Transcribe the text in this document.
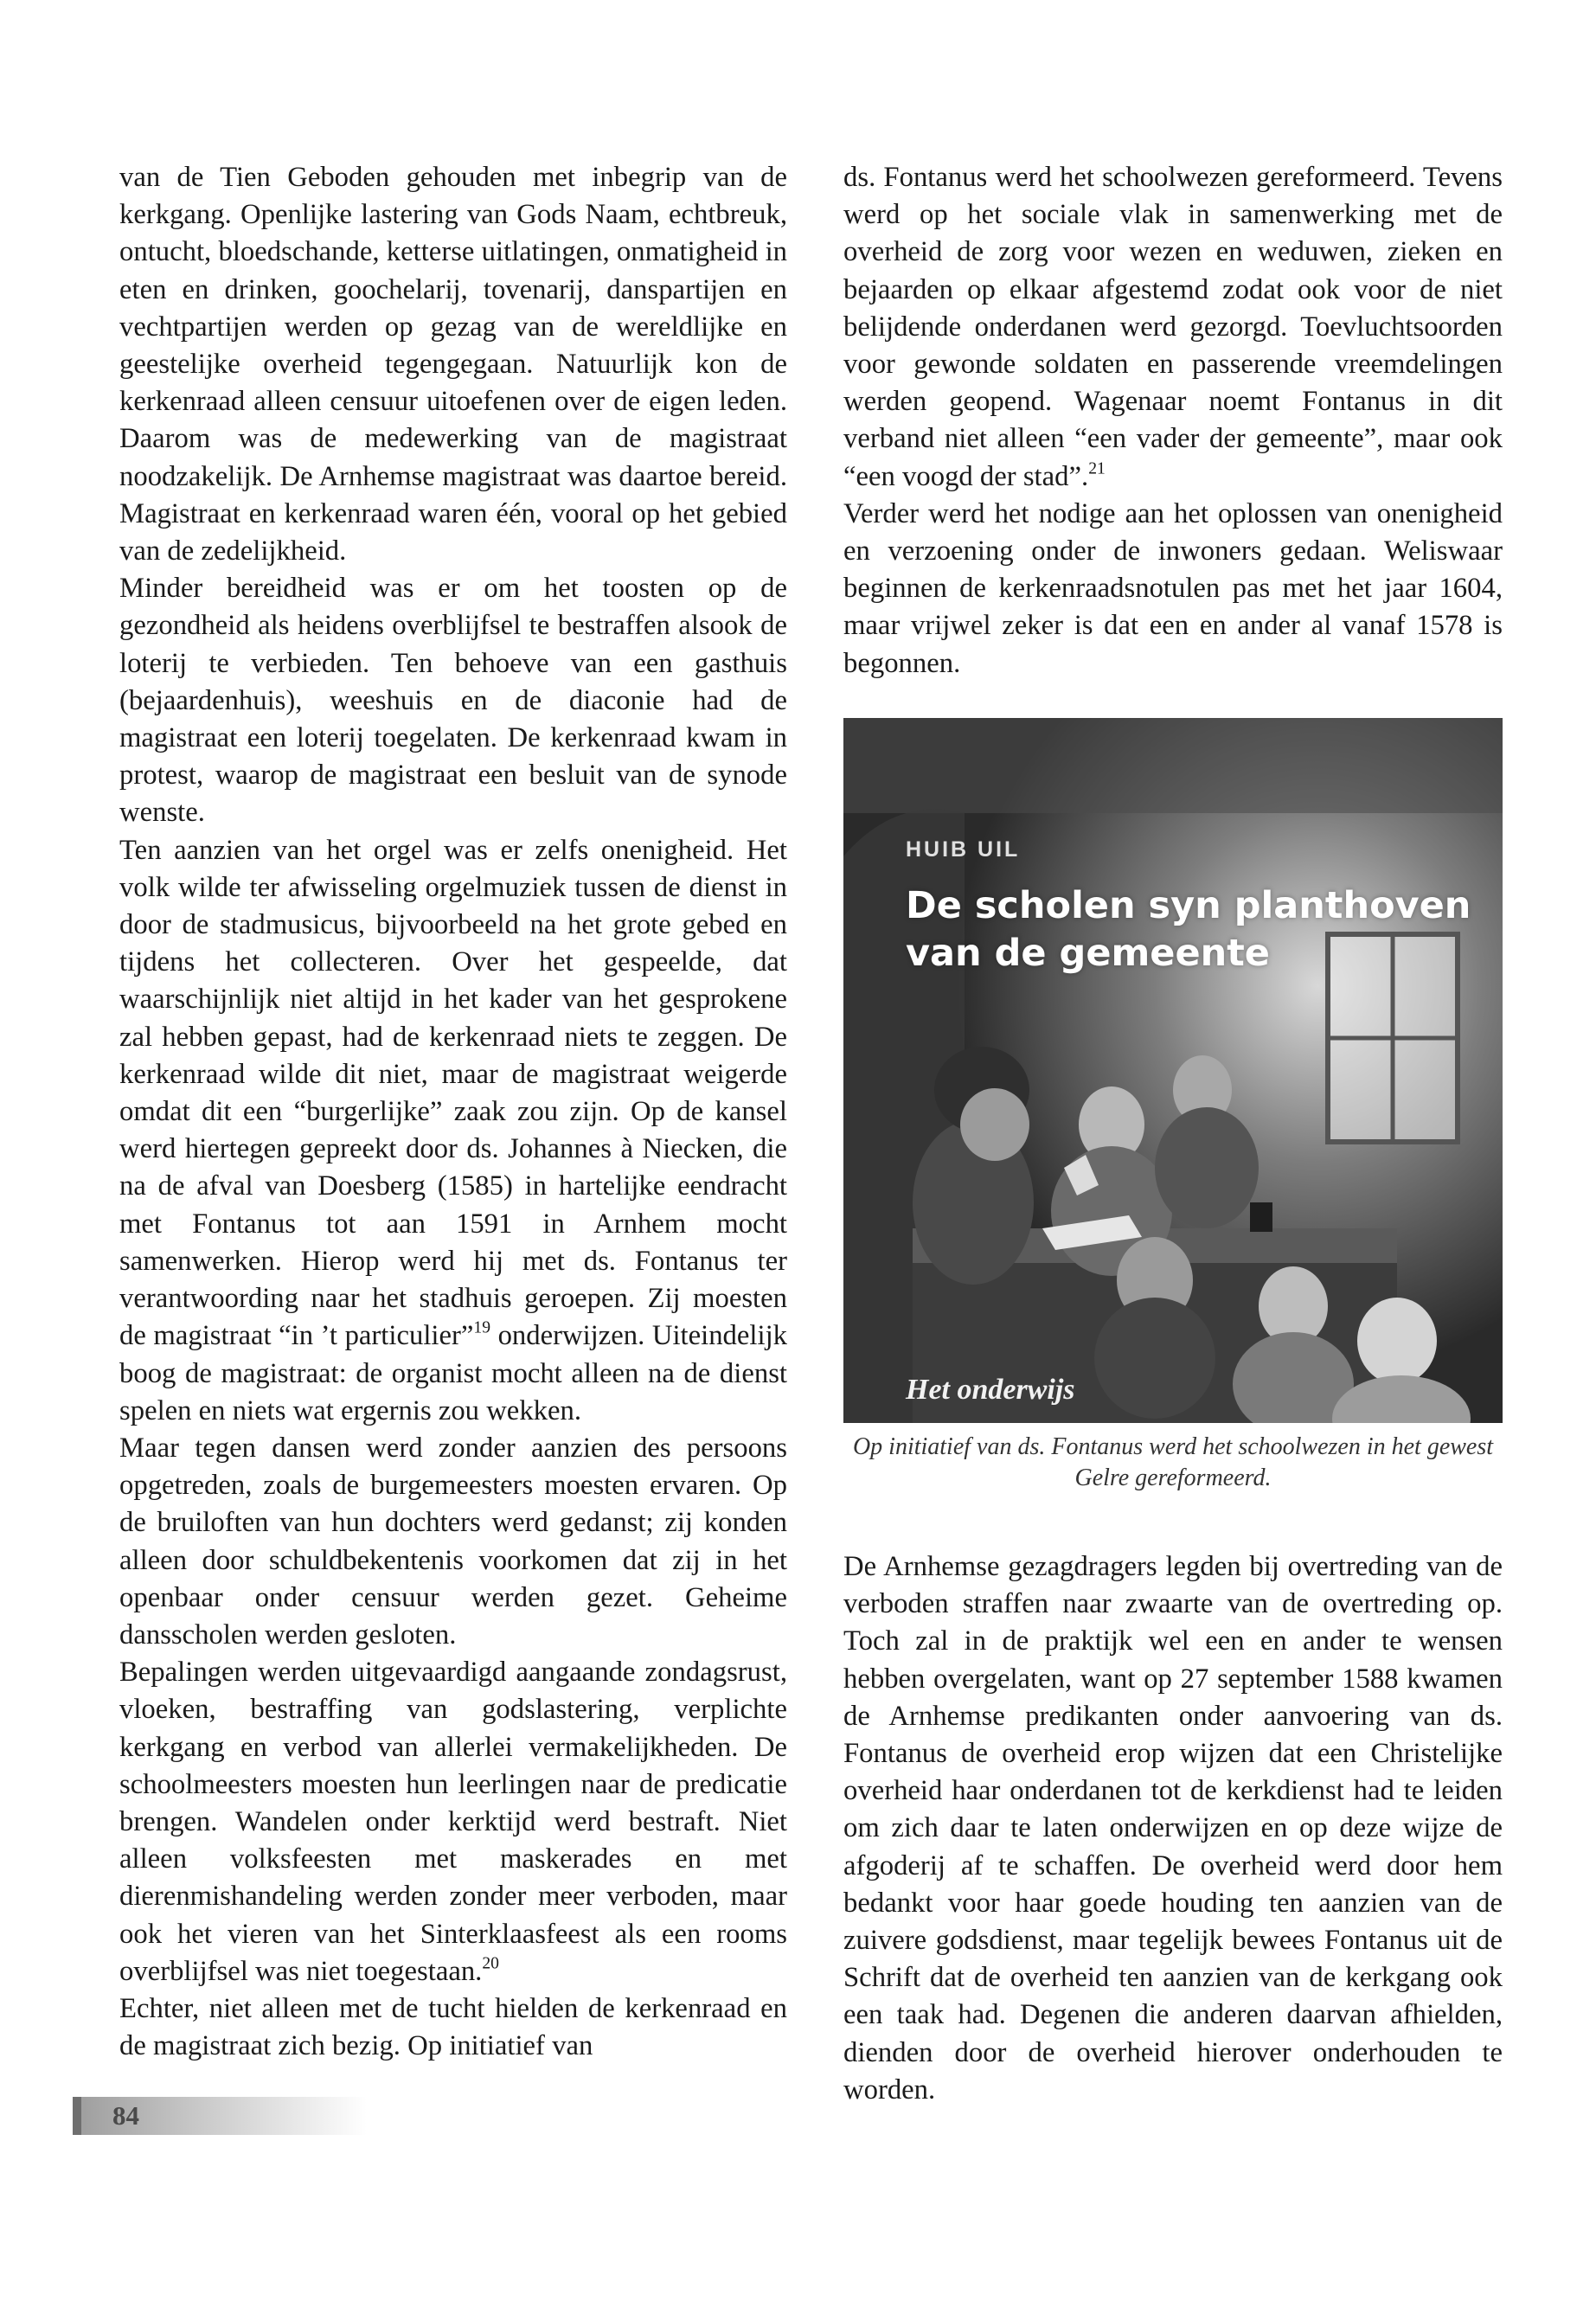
van de Tien Geboden gehouden met inbegrip van de kerkgang. Openlijke lastering van Gods Naam, echtbreuk, ontucht, bloedschande, ketterse uitlatingen, onmatigheid in eten en drinken, goochelarij, tovenarij, danspartijen en vechtpartijen werden op gezag van de wereldlijke en geestelijke overheid tegengegaan. Natuurlijk kon de kerkenraad alleen censuur uitoefenen over de eigen leden. Daarom was de medewerking van de magistraat noodzakelijk. De Arnhemse magistraat was daartoe bereid. Magistraat en kerkenraad waren één, vooral op het gebied van de zedelijkheid.

Minder bereidheid was er om het toosten op de gezondheid als heidens overblijfsel te bestraffen alsook de loterij te verbieden. Ten behoeve van een gasthuis (bejaardenhuis), weeshuis en de diaconie had de magistraat een loterij toegelaten. De kerkenraad kwam in protest, waarop de magistraat een besluit van de synode wenste.

Ten aanzien van het orgel was er zelfs onenigheid. Het volk wilde ter afwisseling orgelmuziek tussen de dienst in door de stadmusicus, bijvoorbeeld na het grote gebed en tijdens het collecteren. Over het gespeelde, dat waarschijnlijk niet altijd in het kader van het gesprokene zal hebben gepast, had de kerkenraad niets te zeggen. De kerkenraad wilde dit niet, maar de magistraat weigerde omdat dit een “burgerlijke” zaak zou zijn. Op de kansel werd hiertegen gepreekt door ds. Johannes à Niecken, die na de afval van Doesberg (1585) in hartelijke eendracht met Fontanus tot aan 1591 in Arnhem mocht samenwerken. Hierop werd hij met ds. Fontanus ter verantwoording naar het stadhuis geroepen. Zij moesten de magistraat “in ’t particulier”$^{19}$ onderwijzen. Uiteindelijk boog de magistraat: de organist mocht alleen na de dienst spelen en niets wat ergernis zou wekken.

Maar tegen dansen werd zonder aanzien des persoons opgetreden, zoals de burgemeesters moesten ervaren. Op de bruiloften van hun dochters werd gedanst; zij konden alleen door schuldbekentenis voorkomen dat zij in het openbaar onder censuur werden gezet. Geheime dansscholen werden gesloten.

Bepalingen werden uitgevaardigd aangaande zondagsrust, vloeken, bestraffing van godslastering, verplichte kerkgang en verbod van allerlei vermakelijkheden. De schoolmeesters moesten hun leerlingen naar de predicatie brengen. Wandelen onder kerktijd werd bestraft. Niet alleen volksfeesten met maskerades en met dierenmishandeling werden zonder meer verboden, maar ook het vieren van het Sinterklaasfeest als een rooms overblijfsel was niet toegestaan.$^{20}$

Echter, niet alleen met de tucht hielden de kerkenraad en de magistraat zich bezig. Op initiatief van

ds. Fontanus werd het schoolwezen gereformeerd. Tevens werd op het sociale vlak in samenwerking met de overheid de zorg voor wezen en weduwen, zieken en bejaarden op elkaar afgestemd zodat ook voor de niet belijdende onderdanen werd gezorgd. Toevluchtsoorden voor gewonde soldaten en passerende vreemdelingen werden geopend. Wagenaar noemt Fontanus in dit verband niet alleen “een vader der gemeente”, maar ook “een voogd der stad”.$^{21}$

Verder werd het nodige aan het oplossen van onenigheid en verzoening onder de inwoners gedaan. Weliswaar beginnen de kerkenraadsnotulen pas met het jaar 1604, maar vrijwel zeker is dat een en ander al vanaf 1578 is begonnen.

HUIB UIL
De scholen syn planthoven
van de gemeente
Het onderwijs
Op initiatief van ds. Fontanus werd het schoolwezen in het gewest Gelre gereformeerd.

De Arnhemse gezagdragers legden bij overtreding van de verboden straffen naar zwaarte van de overtreding op. Toch zal in de praktijk wel een en ander te wensen hebben overgelaten, want op 27 september 1588 kwamen de Arnhemse predikanten onder aanvoering van ds. Fontanus de overheid erop wijzen dat een Christelijke overheid haar onderdanen tot de kerkdienst had te leiden om zich daar te laten onderwijzen en op deze wijze de afgoderij af te schaffen. De overheid werd door hem bedankt voor haar goede houding ten aanzien van de zuivere godsdienst, maar tegelijk bewees Fontanus uit de Schrift dat de overheid ten aanzien van de kerkgang ook een taak had. Degenen die anderen daarvan afhielden, dienden door de overheid hierover onderhouden te worden.

84
